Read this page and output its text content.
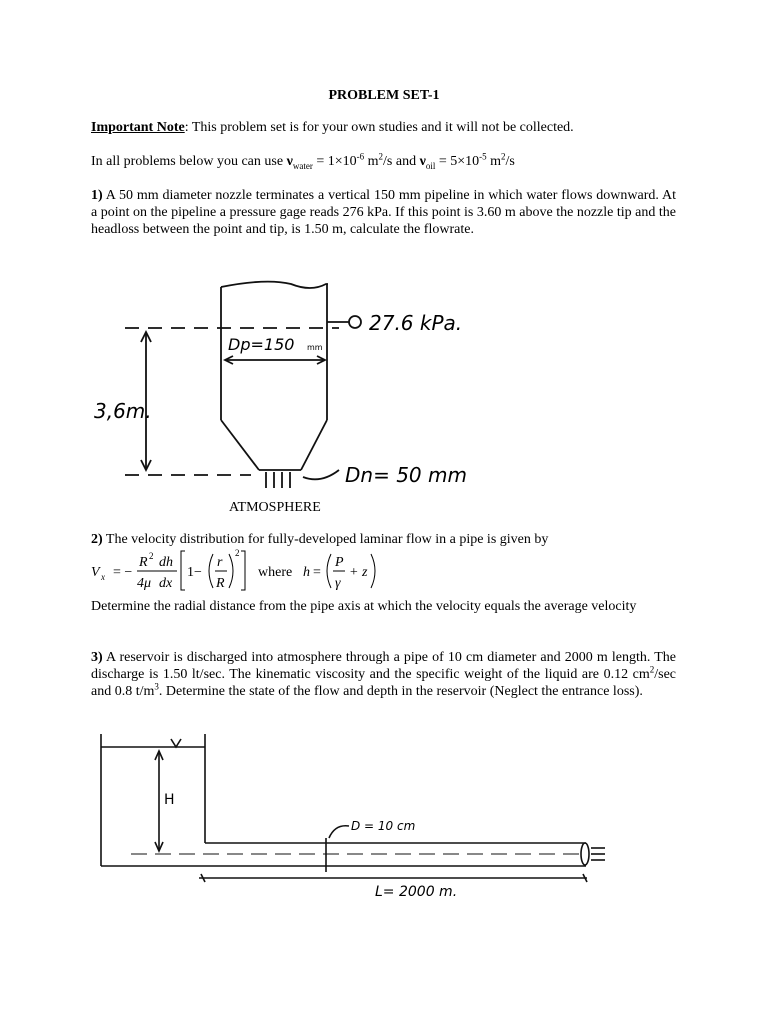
PROBLEM SET-1
Important Note: This problem set is for your own studies and it will not be collected.
In all problems below you can use $\nu_{water} = 1\times 10^{-6}$ $m^2/s$ and $\nu_{oil} = 5\times 10^{-5}$ $m^2/s$
1) A 50 mm diameter nozzle terminates a vertical 150 mm pipeline in which water flows downward. At a point on the pipeline a pressure gage reads 276 kPa. If this point is 3.60 m above the nozzle tip and the headloss between the point and tip, is 1.50 m, calculate the flowrate.
27.6 kPa.
Dp=150 mm
3,6m.
Dn= 50 mm
ATMOSPHERE
2) The velocity distribution for fully-developed laminar flow in a pipe is given by
V x = −
R 2 dh
4μ dx
1−
r
R
2
where h =
P
γ
+ z
Determine the radial distance from the pipe axis at which the velocity equals the average velocity
3) A reservoir is discharged into atmosphere through a pipe of 10 cm diameter and 2000 m length. The discharge is 1.50 lt/sec. The kinematic viscosity and the specific weight of the liquid are 0.12 $cm^2/\sec$ and 0.8 $t/m^3$. Determine the state of the flow and depth in the reservoir (Neglect the entrance loss).
H
D = 10 cm
L= 2000 m.
